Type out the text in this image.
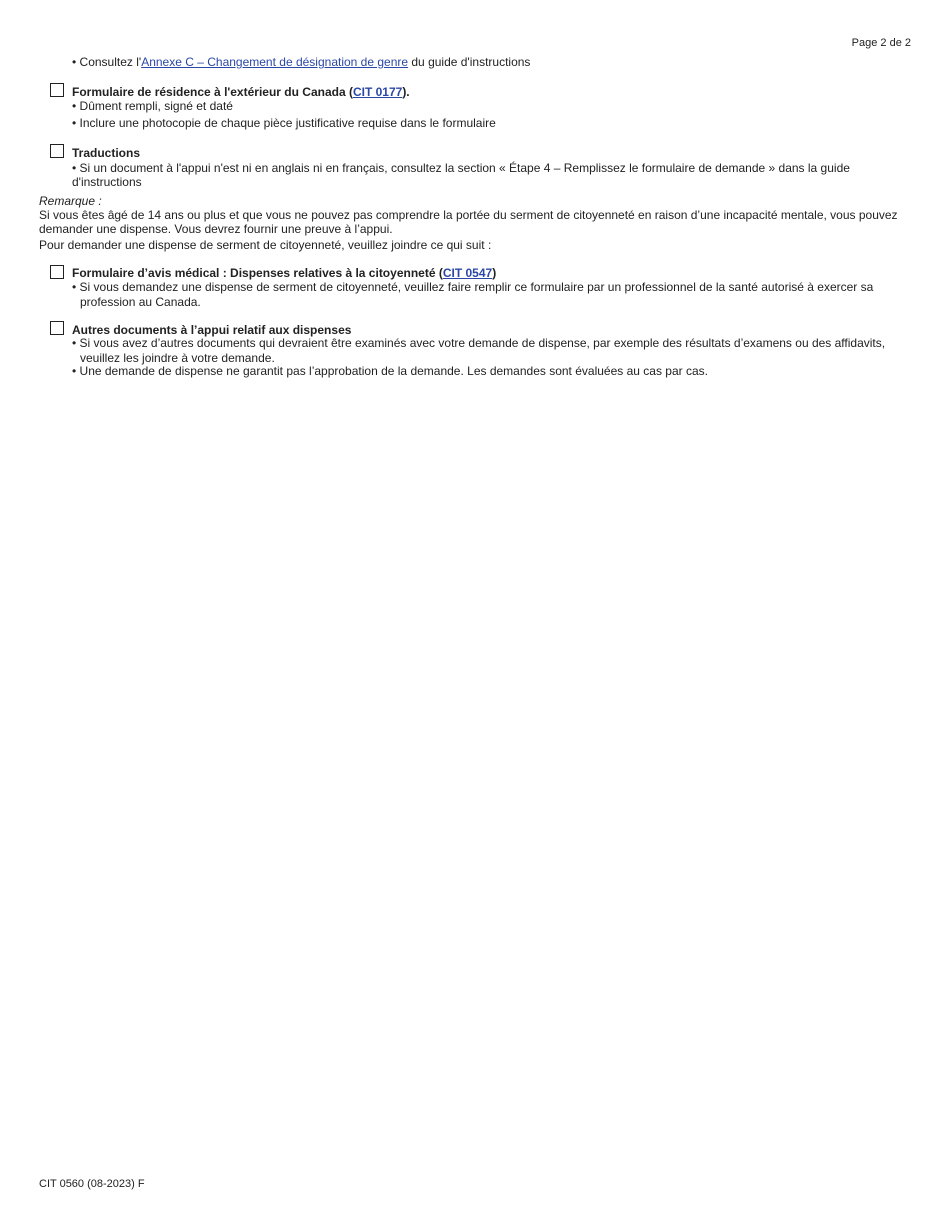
Page 2 de 2
• Consultez l'Annexe C – Changement de désignation de genre du guide d'instructions
Formulaire de résidence à l'extérieur du Canada (CIT 0177).
• Dûment rempli, signé et daté
• Inclure une photocopie de chaque pièce justificative requise dans le formulaire
Traductions
• Si un document à l'appui n'est ni en anglais ni en français, consultez la section « Étape 4 – Remplissez le formulaire de demande » dans la guide
d'instructions
Remarque :
Si vous êtes âgé de 14 ans ou plus et que vous ne pouvez pas comprendre la portée du serment de citoyenneté en raison d’une incapacité mentale, vous pouvez demander une dispense. Vous devrez fournir une preuve à l’appui.
Pour demander une dispense de serment de citoyenneté, veuillez joindre ce qui suit :
Formulaire d’avis médical : Dispenses relatives à la citoyenneté (CIT 0547)
• Si vous demandez une dispense de serment de citoyenneté, veuillez faire remplir ce formulaire par un professionnel de la santé autorisé à exercer sa
profession au Canada.
Autres documents à l’appui relatif aux dispenses
• Si vous avez d’autres documents qui devraient être examinés avec votre demande de dispense, par exemple des résultats d’examens ou des affidavits,
veuillez les joindre à votre demande.
• Une demande de dispense ne garantit pas l’approbation de la demande. Les demandes sont évaluées au cas par cas.
CIT 0560 (08-2023) F
